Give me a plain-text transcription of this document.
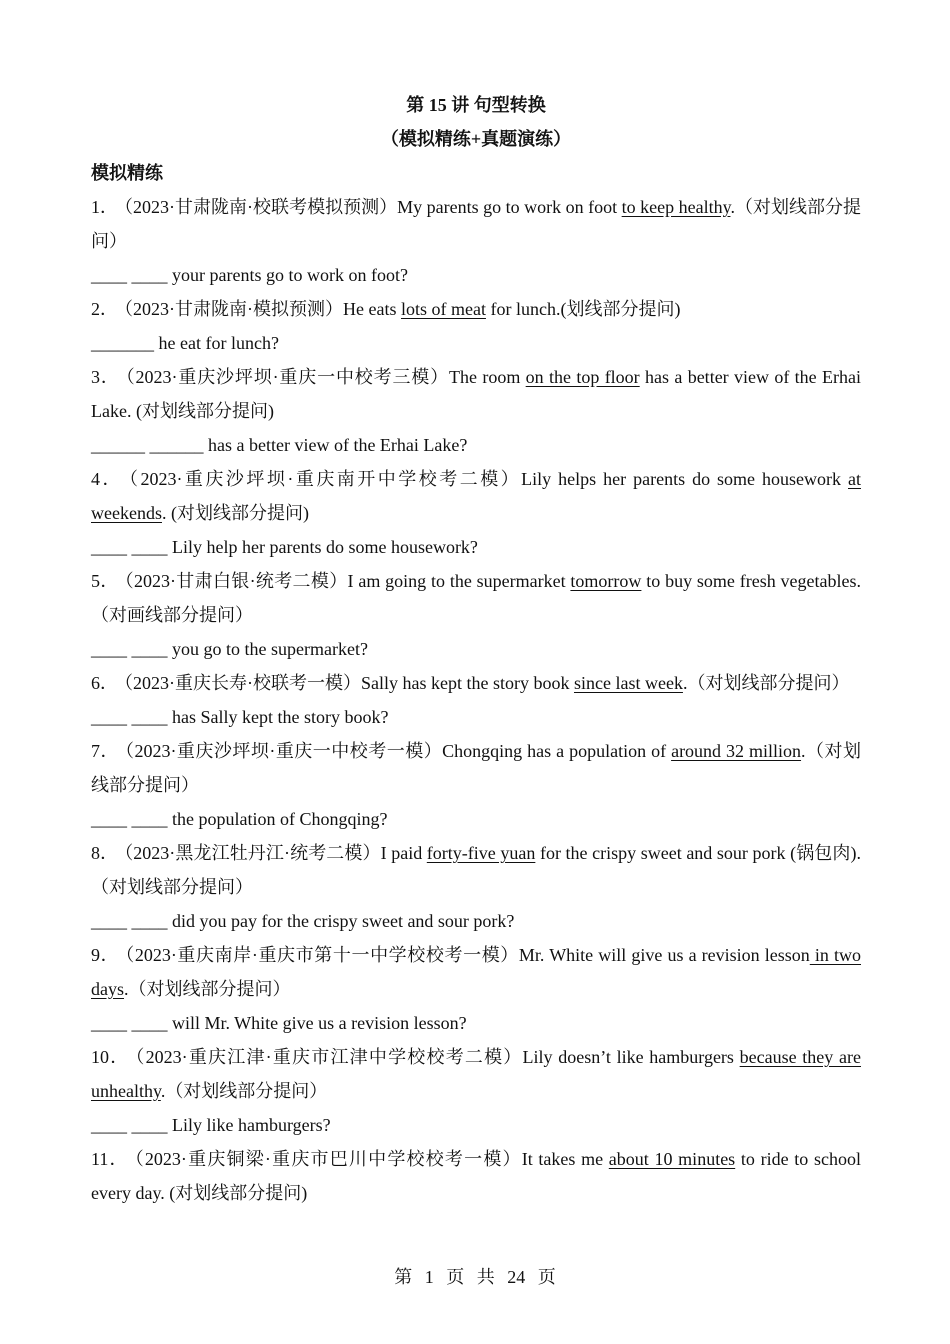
第 15 讲 句型转换
（模拟精练+真题演练）
模拟精练
1． （2023·甘肃陇南·校联考模拟预测）My parents go to work on foot to keep healthy.（对划线部分提问）
____ ____ your parents go to work on foot?
2． （2023·甘肃陇南·模拟预测）He eats lots of meat for lunch.(划线部分提问)
_______ he eat for lunch?
3． （2023·重庆沙坪坝·重庆一中校考三模）The room on the top floor has a better view of the Erhai Lake. (对划线部分提问)
______ ______ has a better view of the Erhai Lake?
4． （2023·重庆沙坪坝·重庆南开中学校考二模）Lily helps her parents do some housework at weekends. (对划线部分提问)
____ ____ Lily help her parents do some housework?
5． （2023·甘肃白银·统考二模）I am going to the supermarket tomorrow to buy some fresh vegetables. （对画线部分提问）
____ ____ you go to the supermarket?
6． （2023·重庆长寿·校联考一模）Sally has kept the story book since last week.（对划线部分提问）
____ ____ has Sally kept the story book?
7． （2023·重庆沙坪坝·重庆一中校考一模）Chongqing has a population of around 32 million.（对划线部分提问）
____ ____ the population of Chongqing?
8． （2023·黑龙江牡丹江·统考二模）I paid forty-five yuan for the crispy sweet and sour pork (锅包肉).（对划线部分提问）
____ ____ did you pay for the crispy sweet and sour pork?
9． （2023·重庆南岸·重庆市第十一中学校校考一模）Mr. White will give us a revision lesson in two days.（对划线部分提问）
____ ____ will Mr. White give us a revision lesson?
10． （2023·重庆江津·重庆市江津中学校校考二模）Lily doesn’t like hamburgers because they are unhealthy.（对划线部分提问）
____ ____ Lily like hamburgers?
11． （2023·重庆铜梁·重庆市巴川中学校校考一模）It takes me about 10 minutes to ride to school every day. (对划线部分提问)
第 1 页 共 24 页
